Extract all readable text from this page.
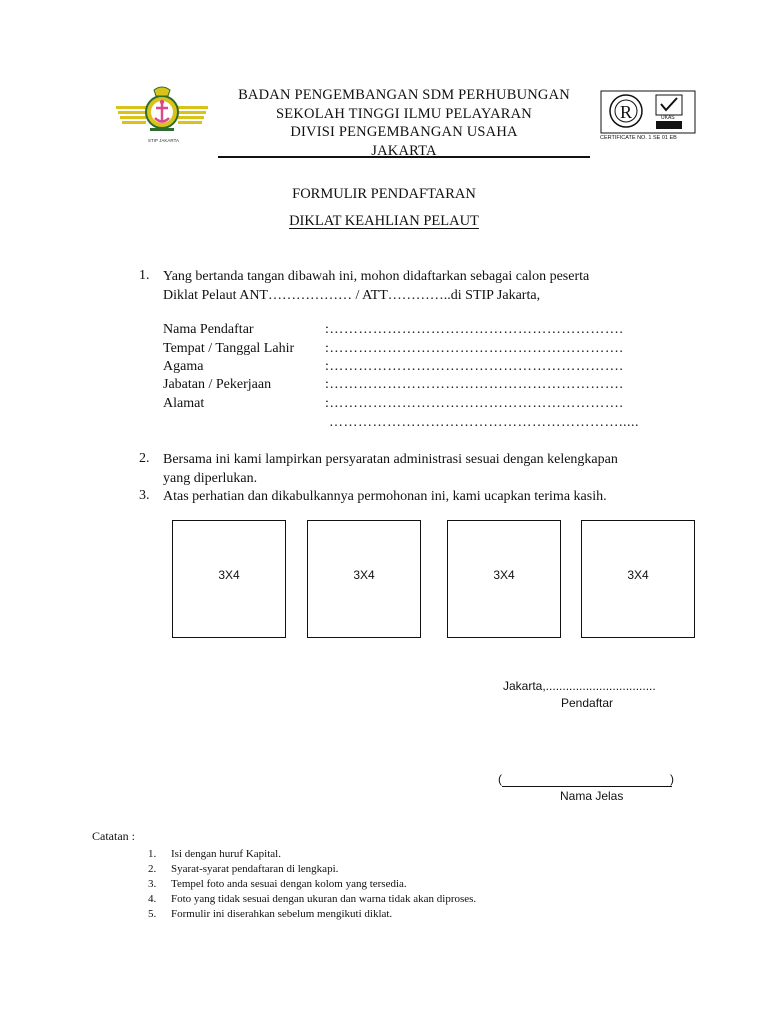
STIP JAKARTA
BADAN PENGEMBANGAN SDM PERHUBUNGAN
SEKOLAH TINGGI ILMU PELAYARAN
DIVISI PENGEMBANGAN USAHA
JAKARTA
R	UKAS
CERTIFICATE NO. 1 SE 01 EB
FORMULIR PENDAFTARAN
DIKLAT KEAHLIAN PELAUT
1. Yang bertanda tangan dibawah ini, mohon didaftarkan sebagai calon peserta
Diklat Pelaut ANT……………… / ATT…………..di STIP Jakarta,
Nama Pendaftar	:…………………………………………………….
Tempat / Tanggal Lahir :…………………………………………………….
Agama	:…………………………………………………….
Jabatan / Pekerjaan	:…………………………………………………….
Alamat	:…………………………………………………….
…………………………………………………….....
2. Bersama ini kami lampirkan persyaratan administrasi sesuai dengan kelengkapan
yang diperlukan.
3. Atas perhatian dan dikabulkannya permohonan ini, kami ucapkan terima kasih.
3X4	3X4	3X4	3X4
Jakarta,.................................
Pendaftar
(	)
Nama Jelas
Catatan :
1. Isi dengan huruf Kapital.
2. Syarat-syarat pendaftaran di lengkapi.
3. Tempel foto anda sesuai dengan kolom yang tersedia.
4. Foto yang tidak sesuai dengan ukuran dan warna tidak akan diproses.
5. Formulir ini diserahkan sebelum mengikuti diklat.
